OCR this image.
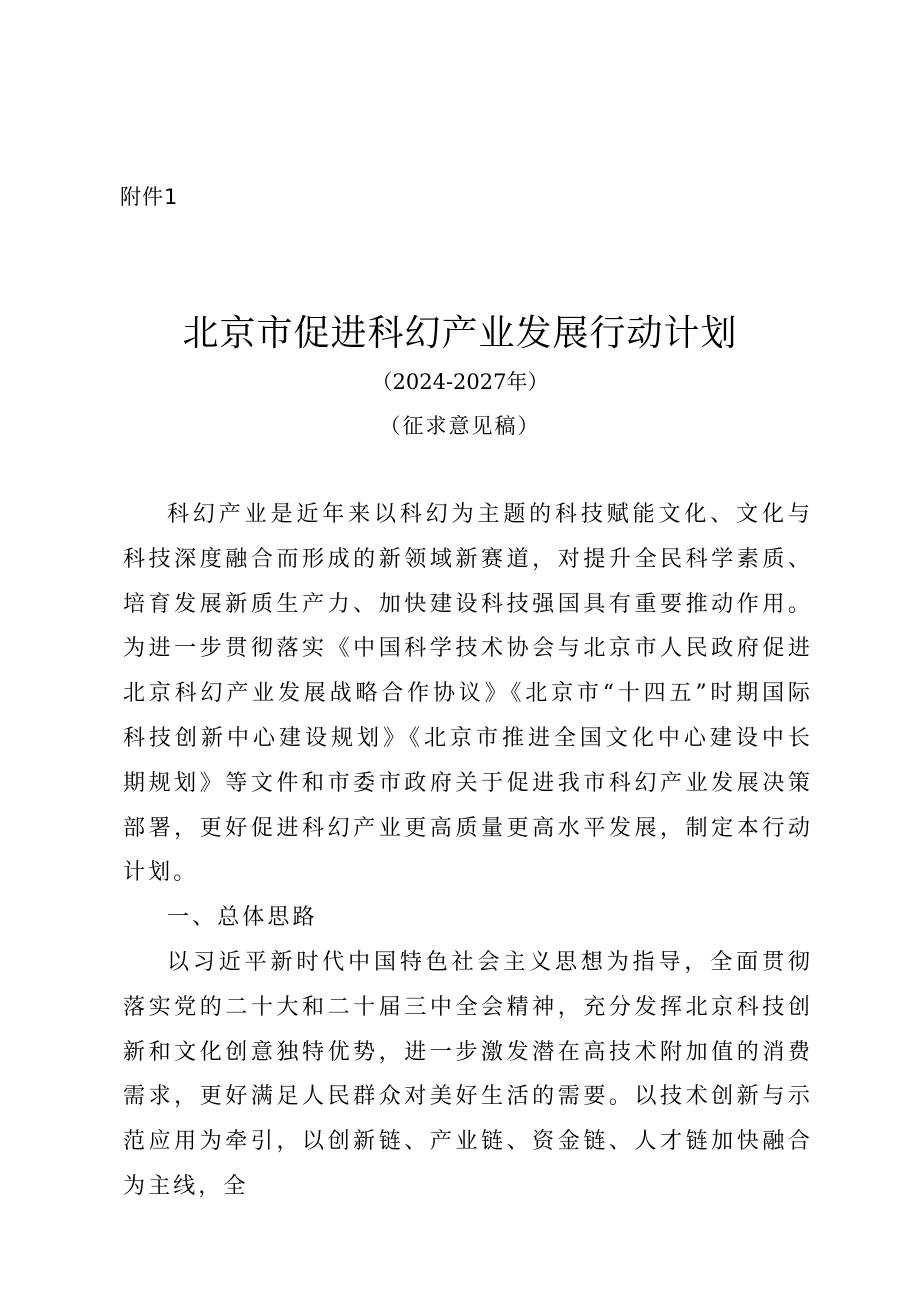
附件1
北京市促进科幻产业发展行动计划
（2024-2027年）
（征求意见稿）

科幻产业是近年来以科幻为主题的科技赋能文化、文化与科技深度融合而形成的新领域新赛道，对提升全民科学素质、培育发展新质生产力、加快建设科技强国具有重要推动作用。为进一步贯彻落实《中国科学技术协会与北京市人民政府促进北京科幻产业发展战略合作协议》《北京市“十四五”时期国际科技创新中心建设规划》《北京市推进全国文化中心建设中长期规划》等文件和市委市政府关于促进我市科幻产业发展决策部署，更好促进科幻产业更高质量更高水平发展，制定本行动计划。

一、总体思路

以习近平新时代中国特色社会主义思想为指导，全面贯彻落实党的二十大和二十届三中全会精神，充分发挥北京科技创新和文化创意独特优势，进一步激发潜在高技术附加值的消费需求，更好满足人民群众对美好生活的需要。以技术创新与示范应用为牵引，以创新链、产业链、资金链、人才链加快融合为主线，全
